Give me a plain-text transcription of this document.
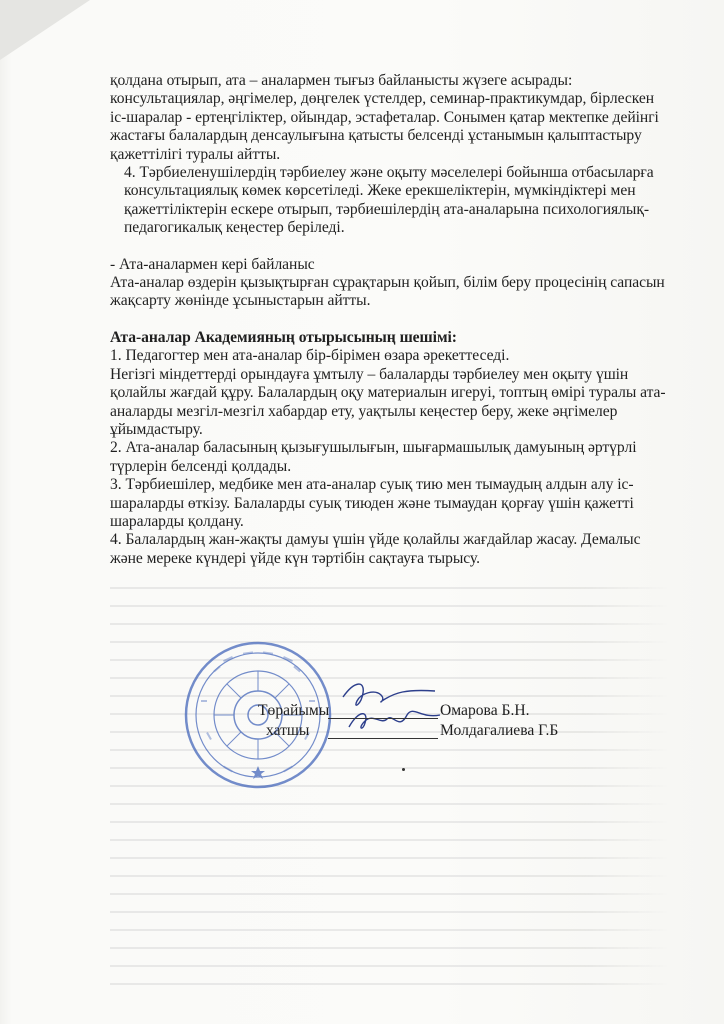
қолдана отырып, ата – аналармен тығыз байланысты жүзеге асырады: консультациялар, әңгімелер, дөңгелек үстелдер, семинар-практикумдар, бірлескен іс-шаралар - ертеңгіліктер, ойындар, эстафеталар. Сонымен қатар мектепке дейінгі жастағы балалардың денсаулығына қатысты белсенді ұстанымын қалыптастыру қажеттілігі туралы айтты.

4. Тәрбиеленушілердің тәрбиелеу және оқыту мәселелері бойынша отбасыларға консультациялық көмек көрсетіледі. Жеке ерекшеліктерін, мүмкіндіктері мен қажеттіліктерін ескере отырып, тәрбиешілердің ата-аналарына психологиялық-педагогикалық кеңестер беріледі.

- Ата-аналармен кері байланыс

Ата-аналар өздерін қызықтырған сұрақтарын қойып, білім беру процесінің сапасын жақсарту жөнінде ұсыныстарын айтты.

Ата-аналар Академияның отырысының шешімі:

1. Педагогтер мен ата-аналар бір-бірімен өзара әрекеттеседі.

Негізгі міндеттерді орындауға ұмтылу – балаларды тәрбиелеу мен оқыту үшін қолайлы жағдай құру. Балалардың оқу материалын игеруі, топтың өмірі туралы ата-аналарды мезгіл-мезгіл хабардар ету, уақтылы кеңестер беру, жеке әңгімелер ұйымдастыру.

2. Ата-аналар баласының қызығушылығын, шығармашылық дамуының әртүрлі түрлерін белсенді қолдады.

3. Тәрбиешілер, медбике мен ата-аналар суық тию мен тымаудың алдын алу іс-шараларды өткізу. Балаларды суық тиюден және тымаудан қорғау үшін қажетті шараларды қолдану.

4. Балалардың жан-жақты дамуы үшін үйде қолайлы жағдайлар жасау. Демалыс және мереке күндері үйде күн тәртібін сақтауға тырысу.

Төрайымы	Омарова Б.Н.
хатшы	Молдагалиева Г.Б
